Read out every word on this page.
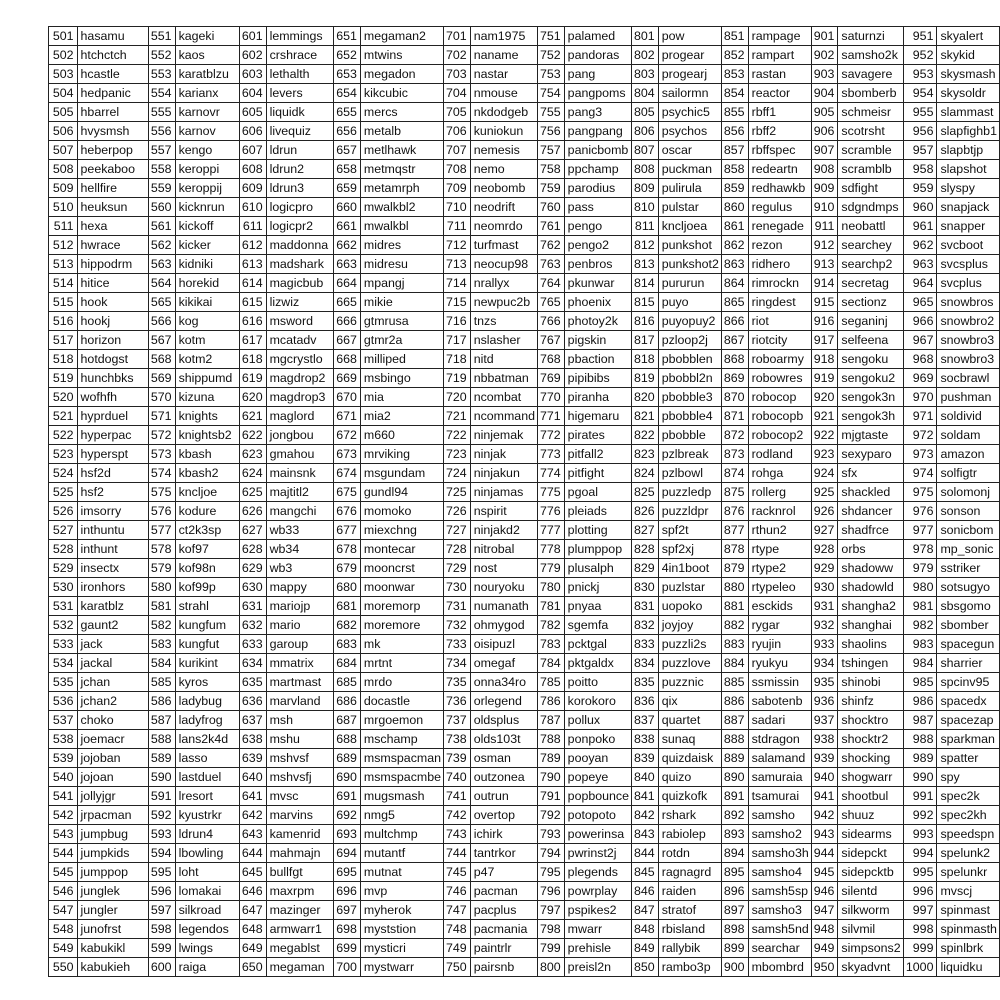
501	hasamu	551	kageki	601	lemmings	651	megaman2	701	nam1975	751	palamed	801	pow	851	rampage	901	saturnzi	951	skyalert
502	htchctch	552	kaos	602	crshrace	652	mtwins	702	naname	752	pandoras	802	progear	852	rampart	902	samsho2k	952	skykid
503	hcastle	553	karatblzu	603	lethalth	653	megadon	703	nastar	753	pang	803	progearj	853	rastan	903	savagere	953	skysmash
504	hedpanic	554	karianx	604	levers	654	kikcubic	704	nmouse	754	pangpoms	804	sailormn	854	reactor	904	sbomberb	954	skysoldr
505	hbarrel	555	karnovr	605	liquidk	655	mercs	705	nkdodgeb	755	pang3	805	psychic5	855	rbff1	905	schmeisr	955	slammast
506	hvysmsh	556	karnov	606	livequiz	656	metalb	706	kuniokun	756	pangpang	806	psychos	856	rbff2	906	scotrsht	956	slapfighb1
507	heberpop	557	kengo	607	ldrun	657	metlhawk	707	nemesis	757	panicbomb	807	oscar	857	rbffspec	907	scramble	957	slapbtjp
508	peekaboo	558	keroppi	608	ldrun2	658	metmqstr	708	nemo	758	ppchamp	808	puckman	858	redeartn	908	scramblb	958	slapshot
509	hellfire	559	keroppij	609	ldrun3	659	metamrph	709	neobomb	759	parodius	809	pulirula	859	redhawkb	909	sdfight	959	slyspy
510	heuksun	560	kicknrun	610	logicpro	660	mwalkbl2	710	neodrift	760	pass	810	pulstar	860	regulus	910	sdgndmps	960	snapjack
511	hexa	561	kickoff	611	logicpr2	661	mwalkbl	711	neomrdo	761	pengo	811	kncljoea	861	renegade	911	neobattl	961	snapper
512	hwrace	562	kicker	612	maddonna	662	midres	712	turfmast	762	pengo2	812	punkshot	862	rezon	912	searchey	962	svcboot
513	hippodrm	563	kidniki	613	madshark	663	midresu	713	neocup98	763	penbros	813	punkshot2	863	ridhero	913	searchp2	963	svcsplus
514	hitice	564	horekid	614	magicbub	664	mpangj	714	nrallyx	764	pkunwar	814	pururun	864	rimrockn	914	secretag	964	svcplus
515	hook	565	kikikai	615	lizwiz	665	mikie	715	newpuc2b	765	phoenix	815	puyo	865	ringdest	915	sectionz	965	snowbros
516	hookj	566	kog	616	msword	666	gtmrusa	716	tnzs	766	photoy2k	816	puyopuy2	866	riot	916	seganinj	966	snowbro2
517	horizon	567	kotm	617	mcatadv	667	gtmr2a	717	nslasher	767	pigskin	817	pzloop2j	867	riotcity	917	selfeena	967	snowbro3
518	hotdogst	568	kotm2	618	mgcrystlo	668	milliped	718	nitd	768	pbaction	818	pbobblen	868	roboarmy	918	sengoku	968	snowbro3
519	hunchbks	569	shippumd	619	magdrop2	669	msbingo	719	nbbatman	769	pipibibs	819	pbobbl2n	869	robowres	919	sengoku2	969	socbrawl
520	wofhfh	570	kizuna	620	magdrop3	670	mia	720	ncombat	770	piranha	820	pbobble3	870	robocop	920	sengok3n	970	pushman
521	hyprduel	571	knights	621	maglord	671	mia2	721	ncommand	771	higemaru	821	pbobble4	871	robocopb	921	sengok3h	971	soldivid
522	hyperpac	572	knightsb2	622	jongbou	672	m660	722	ninjemak	772	pirates	822	pbobble	872	robocop2	922	mjgtaste	972	soldam
523	hyperspt	573	kbash	623	gmahou	673	mrviking	723	ninjak	773	pitfall2	823	pzlbreak	873	rodland	923	sexyparo	973	amazon
524	hsf2d	574	kbash2	624	mainsnk	674	msgundam	724	ninjakun	774	pitfight	824	pzlbowl	874	rohga	924	sfx	974	solfigtr
525	hsf2	575	kncljoe	625	majtitl2	675	gundl94	725	ninjamas	775	pgoal	825	puzzledp	875	rollerg	925	shackled	975	solomonj
526	imsorry	576	kodure	626	mangchi	676	momoko	726	nspirit	776	pleiads	826	puzzldpr	876	racknrol	926	shdancer	976	sonson
527	inthuntu	577	ct2k3sp	627	wb33	677	miexchng	727	ninjakd2	777	plotting	827	spf2t	877	rthun2	927	shadfrce	977	sonicbom
528	inthunt	578	kof97	628	wb34	678	montecar	728	nitrobal	778	plumppop	828	spf2xj	878	rtype	928	orbs	978	mp_sonic
529	insectx	579	kof98n	629	wb3	679	mooncrst	729	nost	779	plusalph	829	4in1boot	879	rtype2	929	shadoww	979	sstriker
530	ironhors	580	kof99p	630	mappy	680	moonwar	730	nouryoku	780	pnickj	830	puzlstar	880	rtypeleo	930	shadowld	980	sotsugyo
531	karatblz	581	strahl	631	mariojp	681	moremorp	731	numanath	781	pnyaa	831	uopoko	881	esckids	931	shangha2	981	sbsgomo
532	gaunt2	582	kungfum	632	mario	682	moremore	732	ohmygod	782	sgemfa	832	joyjoy	882	rygar	932	shanghai	982	sbomber
533	jack	583	kungfut	633	garoup	683	mk	733	oisipuzl	783	pcktgal	833	puzzli2s	883	ryujin	933	shaolins	983	spacegun
534	jackal	584	kurikint	634	mmatrix	684	mrtnt	734	omegaf	784	pktgaldx	834	puzzlove	884	ryukyu	934	tshingen	984	sharrier
535	jchan	585	kyros	635	martmast	685	mrdo	735	onna34ro	785	poitto	835	puzznic	885	ssmissin	935	shinobi	985	spcinv95
536	jchan2	586	ladybug	636	marvland	686	docastle	736	orlegend	786	korokoro	836	qix	886	sabotenb	936	shinfz	986	spacedx
537	choko	587	ladyfrog	637	msh	687	mrgoemon	737	oldsplus	787	pollux	837	quartet	887	sadari	937	shocktro	987	spacezap
538	joemacr	588	lans2k4d	638	mshu	688	mschamp	738	olds103t	788	ponpoko	838	sunaq	888	stdragon	938	shocktr2	988	sparkman
539	jojoban	589	lasso	639	mshvsf	689	msmspacman	739	osman	789	pooyan	839	quizdaisk	889	salamand	939	shocking	989	spatter
540	jojoan	590	lastduel	640	mshvsfj	690	msmspacmbe	740	outzonea	790	popeye	840	quizo	890	samuraia	940	shogwarr	990	spy
541	jollyjgr	591	lresort	641	mvsc	691	mugsmash	741	outrun	791	popbounce	841	quizkofk	891	tsamurai	941	shootbul	991	spec2k
542	jrpacman	592	kyustrkr	642	marvins	692	nmg5	742	overtop	792	potopoto	842	rshark	892	samsho	942	shuuz	992	spec2kh
543	jumpbug	593	ldrun4	643	kamenrid	693	multchmp	743	ichirk	793	powerinsa	843	rabiolep	893	samsho2	943	sidearms	993	speedspn
544	jumpkids	594	lbowling	644	mahmajn	694	mutantf	744	tantrkor	794	pwrinst2j	844	rotdn	894	samsho3h	944	sidepckt	994	spelunk2
545	jumppop	595	loht	645	bullfgt	695	mutnat	745	p47	795	plegends	845	ragnagrd	895	samsho4	945	sidepcktb	995	spelunkr
546	junglek	596	lomakai	646	maxrpm	696	mvp	746	pacman	796	powrplay	846	raiden	896	samsh5sp	946	silentd	996	mvscj
547	jungler	597	silkroad	647	mazinger	697	myherok	747	pacplus	797	pspikes2	847	stratof	897	samsho3	947	silkworm	997	spinmast
548	junofrst	598	legendos	648	armwarr1	698	myststion	748	pacmania	798	mwarr	848	rbisland	898	samsh5nd	948	silvmil	998	spinmasth
549	kabukikl	599	lwings	649	megablst	699	mysticri	749	paintrlr	799	prehisle	849	rallybik	899	searchar	949	simpsons2	999	spinlbrk
550	kabukieh	600	raiga	650	megaman	700	mystwarr	750	pairsnb	800	preisl2n	850	rambo3p	900	mbombrd	950	skyadvnt	1000	liquidku
